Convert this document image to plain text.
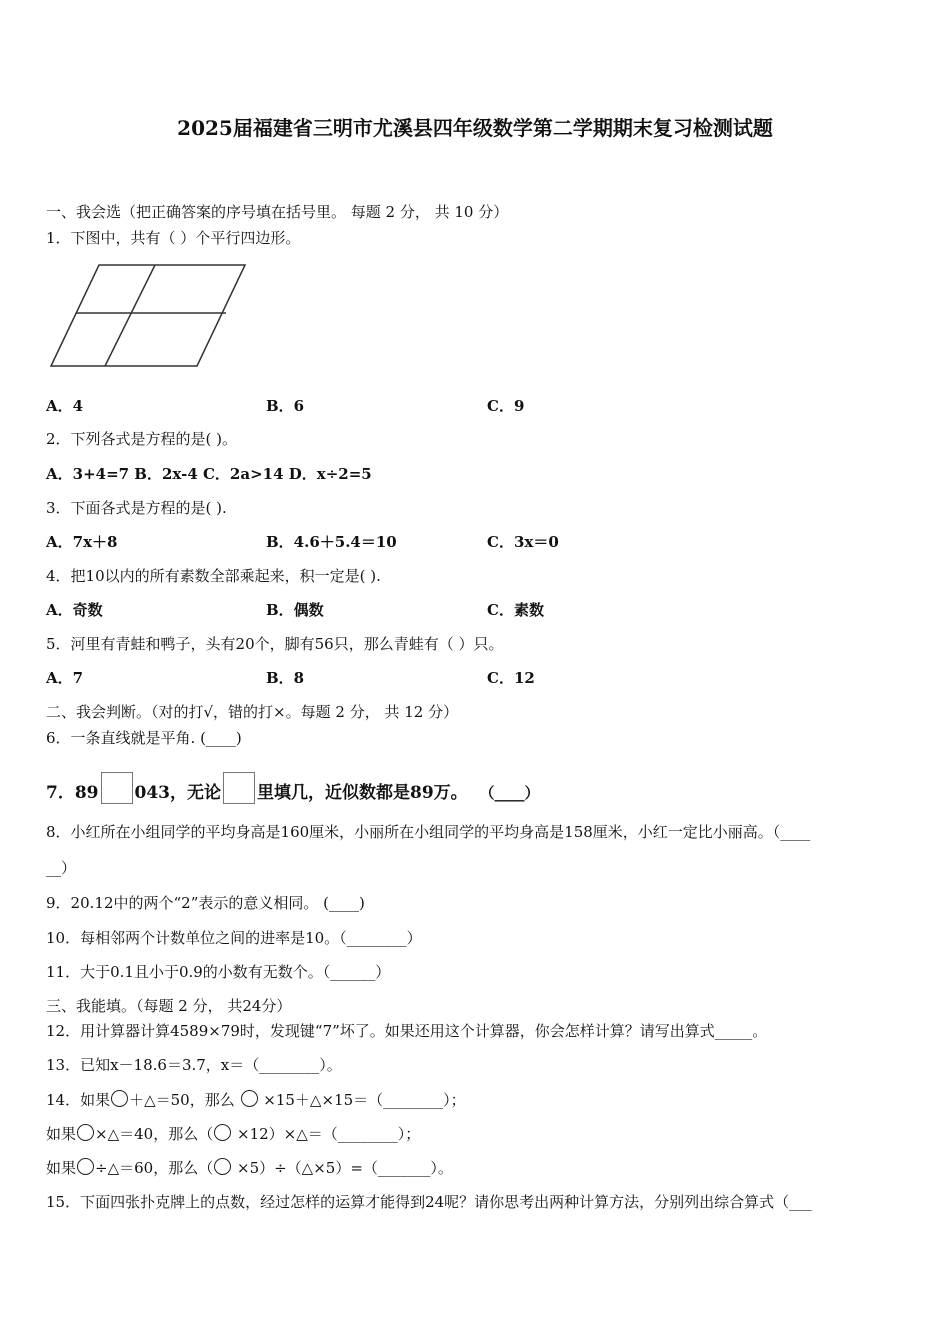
2025届福建省三明市尤溪县四年级数学第二学期期末复习检测试题
一、我会选（把正确答案的序号填在括号里。 每题 2 分， 共 10 分）
1．下图中，共有（ ）个平行四边形。
A．4	B．6	C．9
2．下列各式是方程的是( )。
A．3+4=7 B．2x-4 C．2a>14 D．x÷2=5
3．下面各式是方程的是( ).
A．7x＋8	B．4.6＋5.4＝10	C．3x＝0
4．把10以内的所有素数全部乘起来，积一定是( ).
A．奇数	B．偶数	C．素数
5．河里有青蛙和鸭子，头有20个，脚有56只，那么青蛙有（ ）只。
A．7	B．8	C．12
二、我会判断。（对的打√，错的打×。每题 2 分， 共 12 分）
6．一条直线就是平角. (____)
7．89 043，无论 里填几，近似数都是89万。 （____）
8．小红所在小组同学的平均身高是160厘米，小丽所在小组同学的平均身高是158厘米，小红一定比小丽高。（____
__）
9．20.12中的两个“2”表示的意义相同。 (____)
10．每相邻两个计数单位之间的进率是10。（________）
11．大于0.1且小于0.9的小数有无数个。（______）
三、我能填。（每题 2 分， 共24分）
12．用计算器计算4589×79时，发现键“7”坏了。如果还用这个计算器，你会怎样计算？请写出算式_____。
13．已知x－18.6＝3.7，x＝（________）。
14．如果 ＋△＝50，那么 ×15＋△×15＝（________）；
如果 ×△＝40，那么（ ×12）×△＝（________）；
如果 ÷△＝60，那么（ ×5）÷（△×5）=（_______）。
15．下面四张扑克牌上的点数，经过怎样的运算才能得到24呢？请你思考出两种计算方法，分别列出综合算式（___
